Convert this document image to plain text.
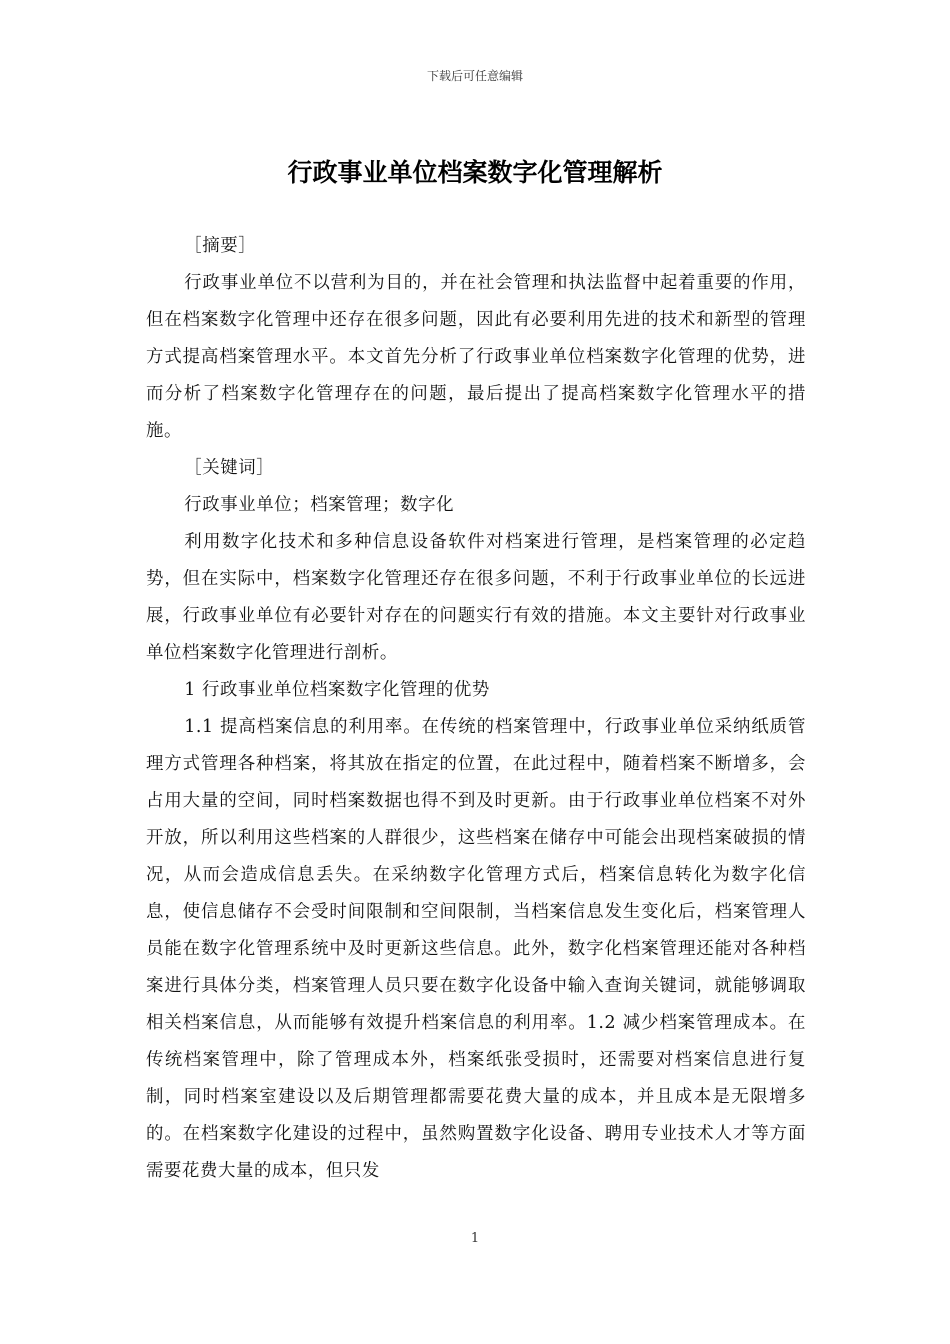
下载后可任意编辑
行政事业单位档案数字化管理解析

［摘要］

行政事业单位不以营利为目的，并在社会管理和执法监督中起着重要的作用，但在档案数字化管理中还存在很多问题，因此有必要利用先进的技术和新型的管理方式提高档案管理水平。本文首先分析了行政事业单位档案数字化管理的优势，进而分析了档案数字化管理存在的问题，最后提出了提高档案数字化管理水平的措施。

［关键词］

行政事业单位；档案管理；数字化

利用数字化技术和多种信息设备软件对档案进行管理，是档案管理的必定趋势，但在实际中，档案数字化管理还存在很多问题，不利于行政事业单位的长远进展，行政事业单位有必要针对存在的问题实行有效的措施。本文主要针对行政事业单位档案数字化管理进行剖析。

1 行政事业单位档案数字化管理的优势

1.1 提高档案信息的利用率。在传统的档案管理中，行政事业单位采纳纸质管理方式管理各种档案，将其放在指定的位置，在此过程中，随着档案不断增多，会占用大量的空间，同时档案数据也得不到及时更新。由于行政事业单位档案不对外开放，所以利用这些档案的人群很少，这些档案在储存中可能会出现档案破损的情况，从而会造成信息丢失。在采纳数字化管理方式后，档案信息转化为数字化信息，使信息储存不会受时间限制和空间限制，当档案信息发生变化后，档案管理人员能在数字化管理系统中及时更新这些信息。此外，数字化档案管理还能对各种档案进行具体分类，档案管理人员只要在数字化设备中输入查询关键词，就能够调取相关档案信息，从而能够有效提升档案信息的利用率。1.2 减少档案管理成本。在传统档案管理中，除了管理成本外，档案纸张受损时，还需要对档案信息进行复制，同时档案室建设以及后期管理都需要花费大量的成本，并且成本是无限增多的。在档案数字化建设的过程中，虽然购置数字化设备、聘用专业技术人才等方面需要花费大量的成本，但只发

1
